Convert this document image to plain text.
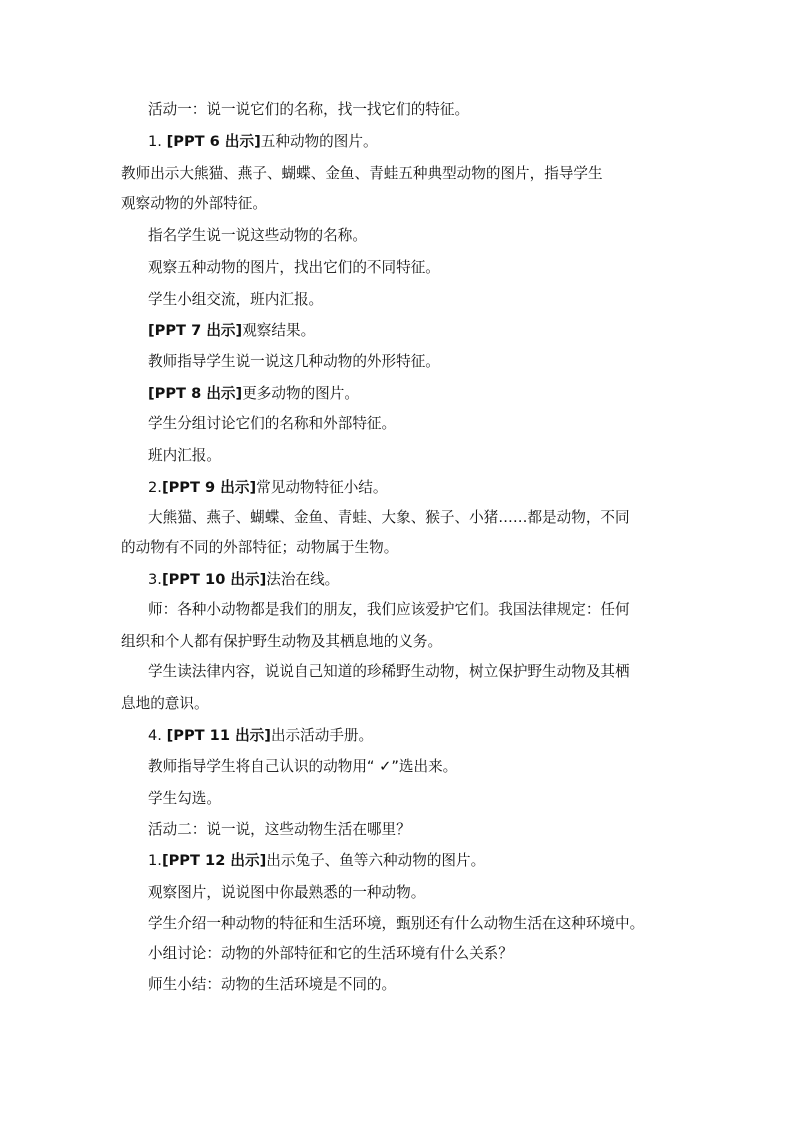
活动一：说一说它们的名称，找一找它们的特征。
1. [PPT 6 出示]五种动物的图片。
教师出示大熊猫、燕子、蝴蝶、金鱼、青蛙五种典型动物的图片，指导学生
观察动物的外部特征。
指名学生说一说这些动物的名称。
观察五种动物的图片，找出它们的不同特征。
学生小组交流，班内汇报。
[PPT 7 出示]观察结果。
教师指导学生说一说这几种动物的外形特征。
[PPT 8 出示]更多动物的图片。
学生分组讨论它们的名称和外部特征。
班内汇报。
2.[PPT 9 出示]常见动物特征小结。
大熊猫、燕子、蝴蝶、金鱼、青蛙、大象、猴子、小猪……都是动物，不同
的动物有不同的外部特征；动物属于生物。
3.[PPT 10 出示]法治在线。
师：各种小动物都是我们的朋友，我们应该爱护它们。我国法律规定：任何
组织和个人都有保护野生动物及其栖息地的义务。
学生读法律内容，说说自己知道的珍稀野生动物，树立保护野生动物及其栖
息地的意识。
4. [PPT 11 出示]出示活动手册。
教师指导学生将自己认识的动物用“ ✓”选出来。
学生勾选。
活动二：说一说，这些动物生活在哪里？
1.[PPT 12 出示]出示兔子、鱼等六种动物的图片。
观察图片，说说图中你最熟悉的一种动物。
学生介绍一种动物的特征和生活环境，甄别还有什么动物生活在这种环境中。
小组讨论：动物的外部特征和它的生活环境有什么关系？
师生小结：动物的生活环境是不同的。
